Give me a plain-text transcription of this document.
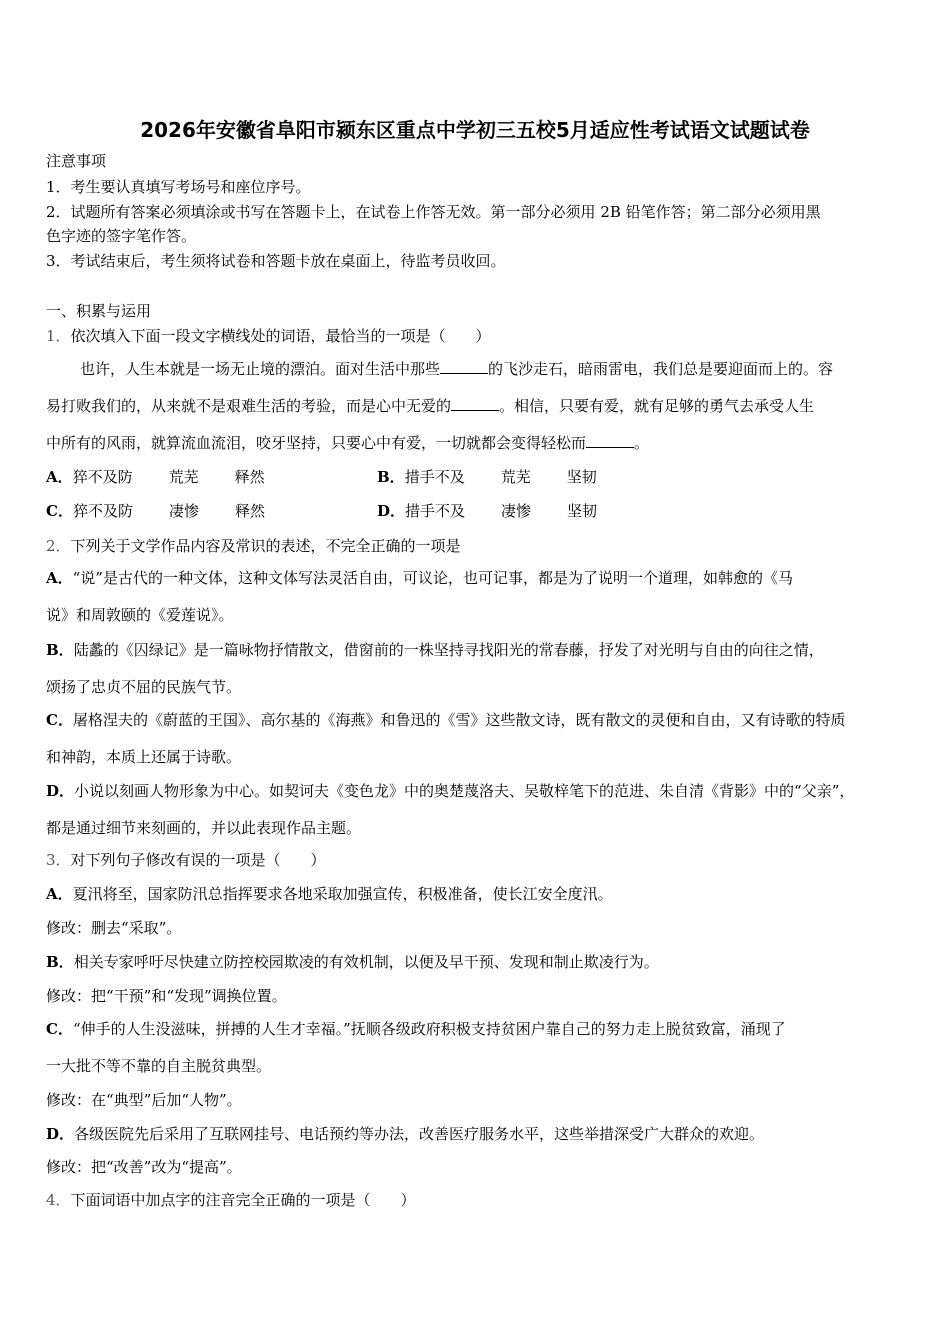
2026年安徽省阜阳市颍东区重点中学初三五校5月适应性考试语文试题试卷
注意事项
1．考生要认真填写考场号和座位序号。
2．试题所有答案必须填涂或书写在答题卡上，在试卷上作答无效。第一部分必须用 2B 铅笔作答；第二部分必须用黑
色字迹的签字笔作答。
3．考试结束后，考生须将试卷和答题卡放在桌面上，待监考员收回。
一、积累与运用
1．依次填入下面一段文字横线处的词语，最恰当的一项是（　　）
也许，人生本就是一场无止境的漂泊。面对生活中那些	的飞沙走石，暗雨雷电，我们总是要迎面而上的。容
易打败我们的，从来就不是艰难生活的考验，而是心中无爱的	。相信，只要有爱，就有足够的勇气去承受人生
中所有的风雨，就算流血流泪，咬牙坚持，只要心中有爱，一切就都会变得轻松而	。
A．猝不及防 荒芜 释然	B．措手不及 荒芜 坚韧
C．猝不及防 凄惨 释然	D．措手不及 凄惨 坚韧
2．下列关于文学作品内容及常识的表述，不完全正确的一项是
A．“说”是古代的一种文体，这种文体写法灵活自由，可议论，也可记事，都是为了说明一个道理，如韩愈的《马
说》和周敦颐的《爱莲说》。
B．陆蠡的《囚绿记》是一篇咏物抒情散文，借窗前的一株坚持寻找阳光的常春藤，抒发了对光明与自由的向往之情，
颂扬了忠贞不屈的民族气节。
C．屠格涅夫的《蔚蓝的王国》、高尔基的《海燕》和鲁迅的《雪》这些散文诗，既有散文的灵便和自由，又有诗歌的特质
和神韵，本质上还属于诗歌。
D．小说以刻画人物形象为中心。如契诃夫《变色龙》中的奥楚蔑洛夫、吴敬梓笔下的范进、朱自清《背影》中的“父亲”，
都是通过细节来刻画的，并以此表现作品主题。
3．对下列句子修改有误的一项是（　　）
A．夏汛将至，国家防汛总指挥要求各地采取加强宣传，积极准备，使长江安全度汛。
修改：删去“采取”。
B．相关专家呼吁尽快建立防控校园欺凌的有效机制，以便及早干预、发现和制止欺凌行为。
修改：把“干预”和“发现”调换位置。
C．“伸手的人生没滋味，拼搏的人生才幸福。”抚顺各级政府积极支持贫困户靠自己的努力走上脱贫致富，涌现了
一大批不等不靠的自主脱贫典型。
修改：在“典型”后加“人物”。
D．各级医院先后采用了互联网挂号、电话预约等办法，改善医疗服务水平，这些举措深受广大群众的欢迎。
修改：把“改善”改为“提高”。
4．下面词语中加点字的注音完全正确的一项是（　　）
